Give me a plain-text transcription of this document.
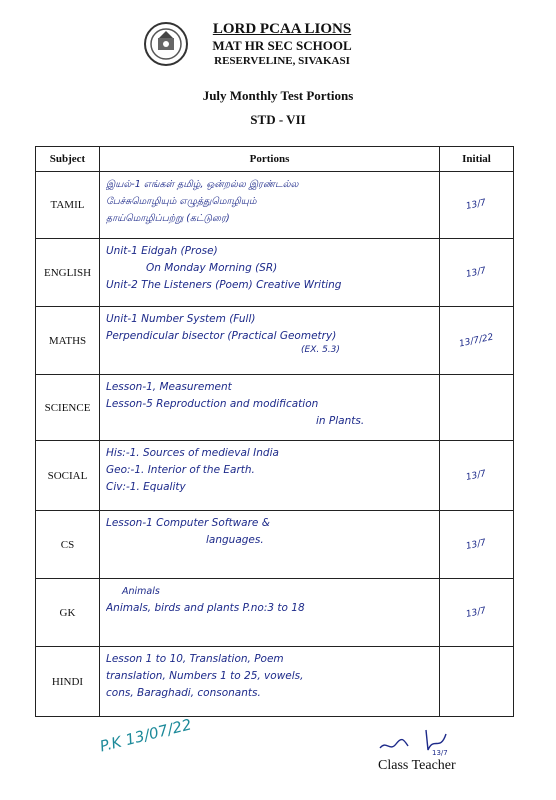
LORD PCAA LIONS
MAT HR SEC SCHOOL
RESERVELINE, SIVAKASI
July Monthly Test Portions
STD - VII
Subject	Portions	Initial
TAMIL	இயல்-1 எங்கள் தமிழ், ஒன்றல்ல இரண்டல்ல
பேச்சுமொழியும் எழுத்துமொழியும்
தாய்மொழிப்பற்று (கட்டுரை)	13/7
ENGLISH	Unit-1 Eidgah (Prose)
On Monday Morning (SR)
Unit-2 The Listeners (Poem) Creative Writing	13/7
MATHS	Unit-1 Number System (Full)
Perpendicular bisector (Practical Geometry)
(EX. 5.3)	13/7/22
SCIENCE	Lesson-1, Measurement
Lesson-5 Reproduction and modification
in Plants.	

SOCIAL	His:-1. Sources of medieval India
Geo:-1. Interior of the Earth.
Civ:-1. Equality	13/7
CS	Lesson-1 Computer Software &
languages.	13/7
GK	Animals
Animals, birds and plants P.no:3 to 18	13/7
HINDI	Lesson 1 to 10, Translation, Poem
translation, Numbers 1 to 25, vowels,
cons, Baraghadi, consonants.	

P.K 13/07/22	13/7
Class Teacher
